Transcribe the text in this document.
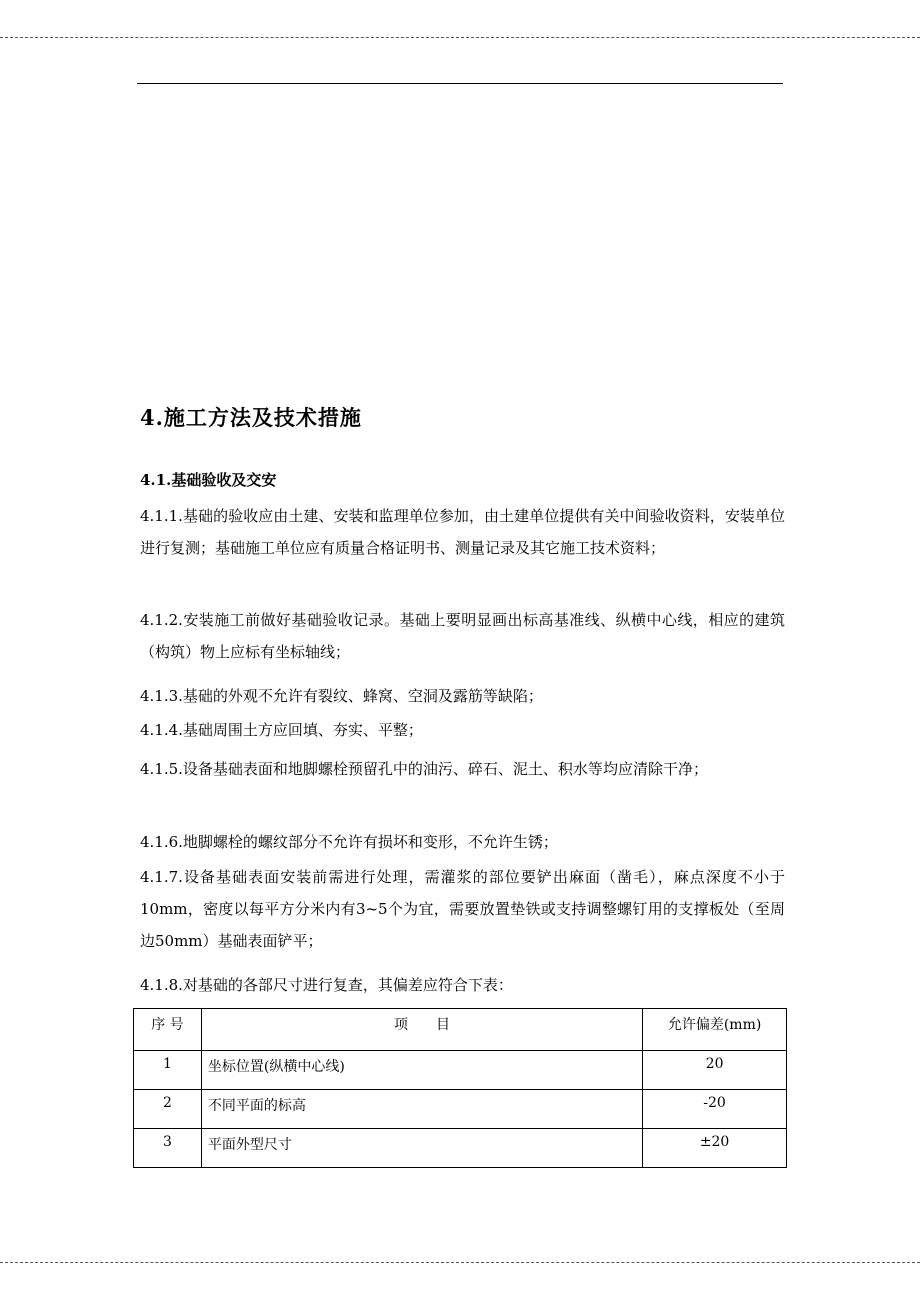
4.施工方法及技术措施
4.1.基础验收及交安

4.1.1.基础的验收应由土建、安装和监理单位参加，由土建单位提供有关中间验收资料，安装单位进行复测；基础施工单位应有质量合格证明书、测量记录及其它施工技术资料；

4.1.2.安装施工前做好基础验收记录。基础上要明显画出标高基准线、纵横中心线，相应的建筑（构筑）物上应标有坐标轴线；

4.1.3.基础的外观不允许有裂纹、蜂窝、空洞及露筋等缺陷；

4.1.4.基础周围土方应回填、夯实、平整；

4.1.5.设备基础表面和地脚螺栓预留孔中的油污、碎石、泥土、积水等均应清除干净；

4.1.6.地脚螺栓的螺纹部分不允许有损坏和变形，不允许生锈；

4.1.7.设备基础表面安装前需进行处理，需灌浆的部位要铲出麻面（凿毛），麻点深度不小于10mm，密度以每平方分米内有3~5个为宜，需要放置垫铁或支持调整螺钉用的支撑板处（至周边50mm）基础表面铲平；

4.1.8.对基础的各部尺寸进行复查，其偏差应符合下表：

序 号	项　　目	允许偏差(mm)
1	坐标位置(纵横中心线)	20
2	不同平面的标高	-20
3	平面外型尺寸	±20
